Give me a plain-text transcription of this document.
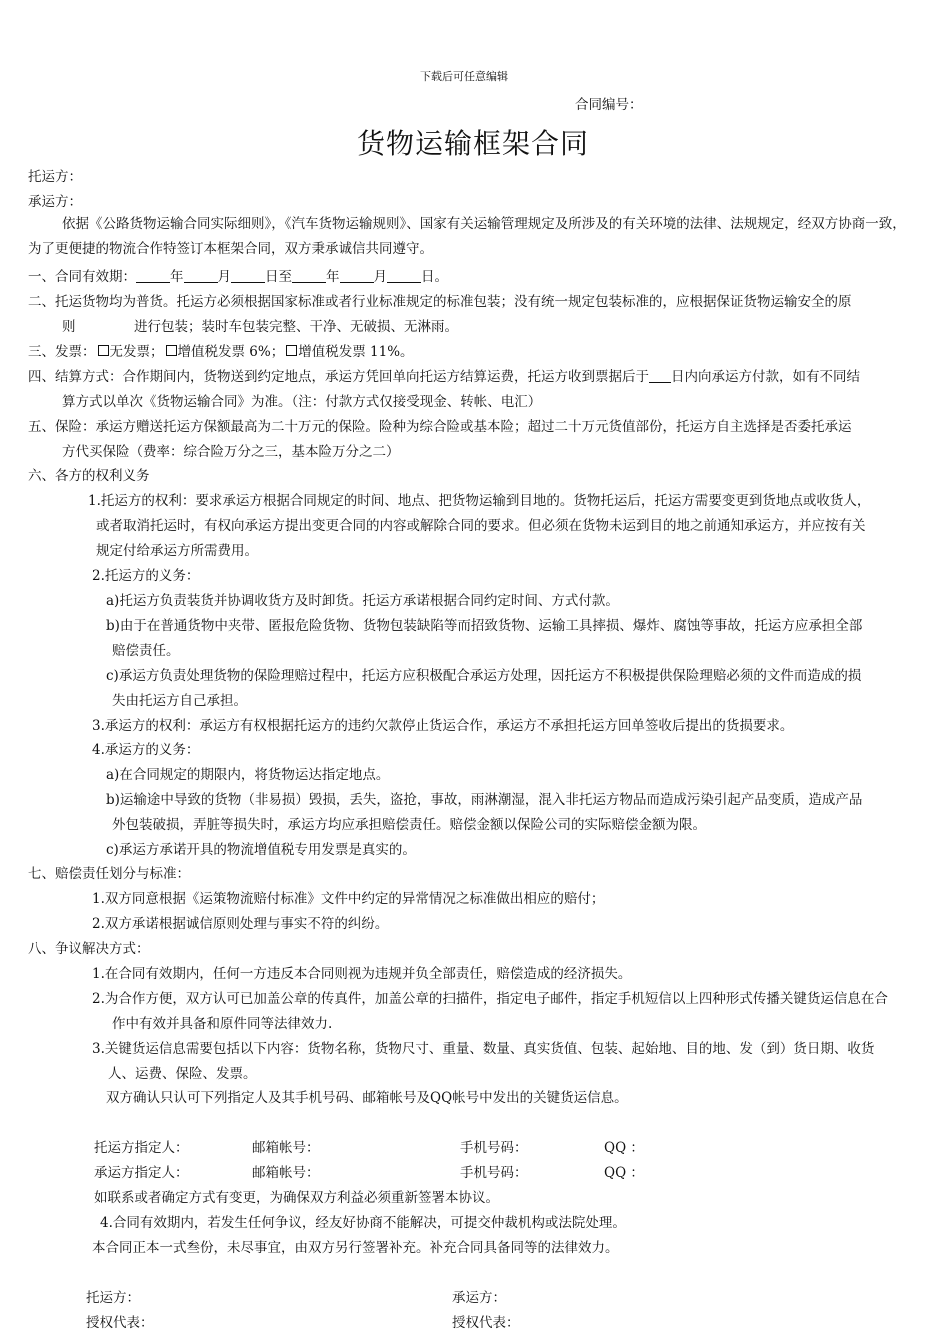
下载后可任意编辑
合同编号：
货物运输框架合同
托运方：
承运方：
依据《公路货物运输合同实际细则》，《汽车货物运输规则》、国家有关运输管理规定及所涉及的有关环境的法律、法规规定，经双方协商一致，为了更便捷的物流合作特签订本框架合同，双方秉承诚信共同遵守。
一、合同有效期：	年	月	日至	年	月	日。
二、托运货物均为普货。托运方必须根据国家标准或者行业标准规定的标准包装；没有统一规定包装标准的，应根据保证货物运输安全的原
则	进行包装；装时车包装完整、干净、无破损、无淋雨。
三、发票： 无发票； 增值税发票 6%； 增值税发票 11%。
四、结算方式：合作期间内，货物送到约定地点，承运方凭回单向托运方结算运费，托运方收到票据后于 日内向承运方付款，如有不同结
算方式以单次《货物运输合同》为准。（注：付款方式仅接受现金、转帐、电汇）
五、保险：承运方赠送托运方保额最高为二十万元的保险。险种为综合险或基本险；超过二十万元货值部份，托运方自主选择是否委托承运
方代买保险（费率：综合险万分之三，基本险万分之二）
六、各方的权利义务
1.托运方的权利：要求承运方根据合同规定的时间、地点、把货物运输到目地的。货物托运后，托运方需要变更到货地点或收货人，
或者取消托运时，有权向承运方提出变更合同的内容或解除合同的要求。但必须在货物未运到目的地之前通知承运方，并应按有关
规定付给承运方所需费用。
2.托运方的义务：
a)托运方负责装货并协调收货方及时卸货。托运方承诺根据合同约定时间、方式付款。
b)由于在普通货物中夹带、匿报危险货物、货物包装缺陷等而招致货物、运输工具摔损、爆炸、腐蚀等事故，托运方应承担全部
赔偿责任。
c)承运方负责处理货物的保险理赔过程中，托运方应积极配合承运方处理，因托运方不积极提供保险理赔必须的文件而造成的损
失由托运方自己承担。
3.承运方的权利：承运方有权根据托运方的违约欠款停止货运合作，承运方不承担托运方回单签收后提出的货损要求。
4.承运方的义务：
a)在合同规定的期限内，将货物运达指定地点。
b)运输途中导致的货物（非易损）毁损，丢失，盗抢，事故，雨淋潮湿，混入非托运方物品而造成污染引起产品变质，造成产品
外包装破损，弄脏等损失时，承运方均应承担赔偿责任。赔偿金额以保险公司的实际赔偿金额为限。
c)承运方承诺开具的物流增值税专用发票是真实的。
七、赔偿责任划分与标准：
1.双方同意根据《运策物流赔付标准》文件中约定的异常情况之标准做出相应的赔付；
2.双方承诺根据诚信原则处理与事实不符的纠纷。
八、争议解决方式：
1.在合同有效期内，任何一方违反本合同则视为违规并负全部责任，赔偿造成的经济损失。
2.为合作方便，双方认可已加盖公章的传真件，加盖公章的扫描件，指定电子邮件，指定手机短信以上四种形式传播关键货运信息在合
作中有效并具备和原件同等法律效力.
3.关键货运信息需要包括以下内容：货物名称，货物尺寸、重量、数量、真实货值、包装、起始地、目的地、发（到）货日期、收货
人、运费、保险、发票。
双方确认只认可下列指定人及其手机号码、邮箱帐号及QQ帐号中发出的关键货运信息。
托运方指定人：	邮箱帐号：	手机号码：	QQ ：
承运方指定人：	邮箱帐号：	手机号码：	QQ ：
如联系或者确定方式有变更，为确保双方利益必须重新签署本协议。
4.合同有效期内，若发生任何争议，经友好协商不能解决，可提交仲裁机构或法院处理。
本合同正本一式叁份，未尽事宜，由双方另行签署补充。补充合同具备同等的法律效力。
托运方：	承运方：
授权代表：	授权代表：
